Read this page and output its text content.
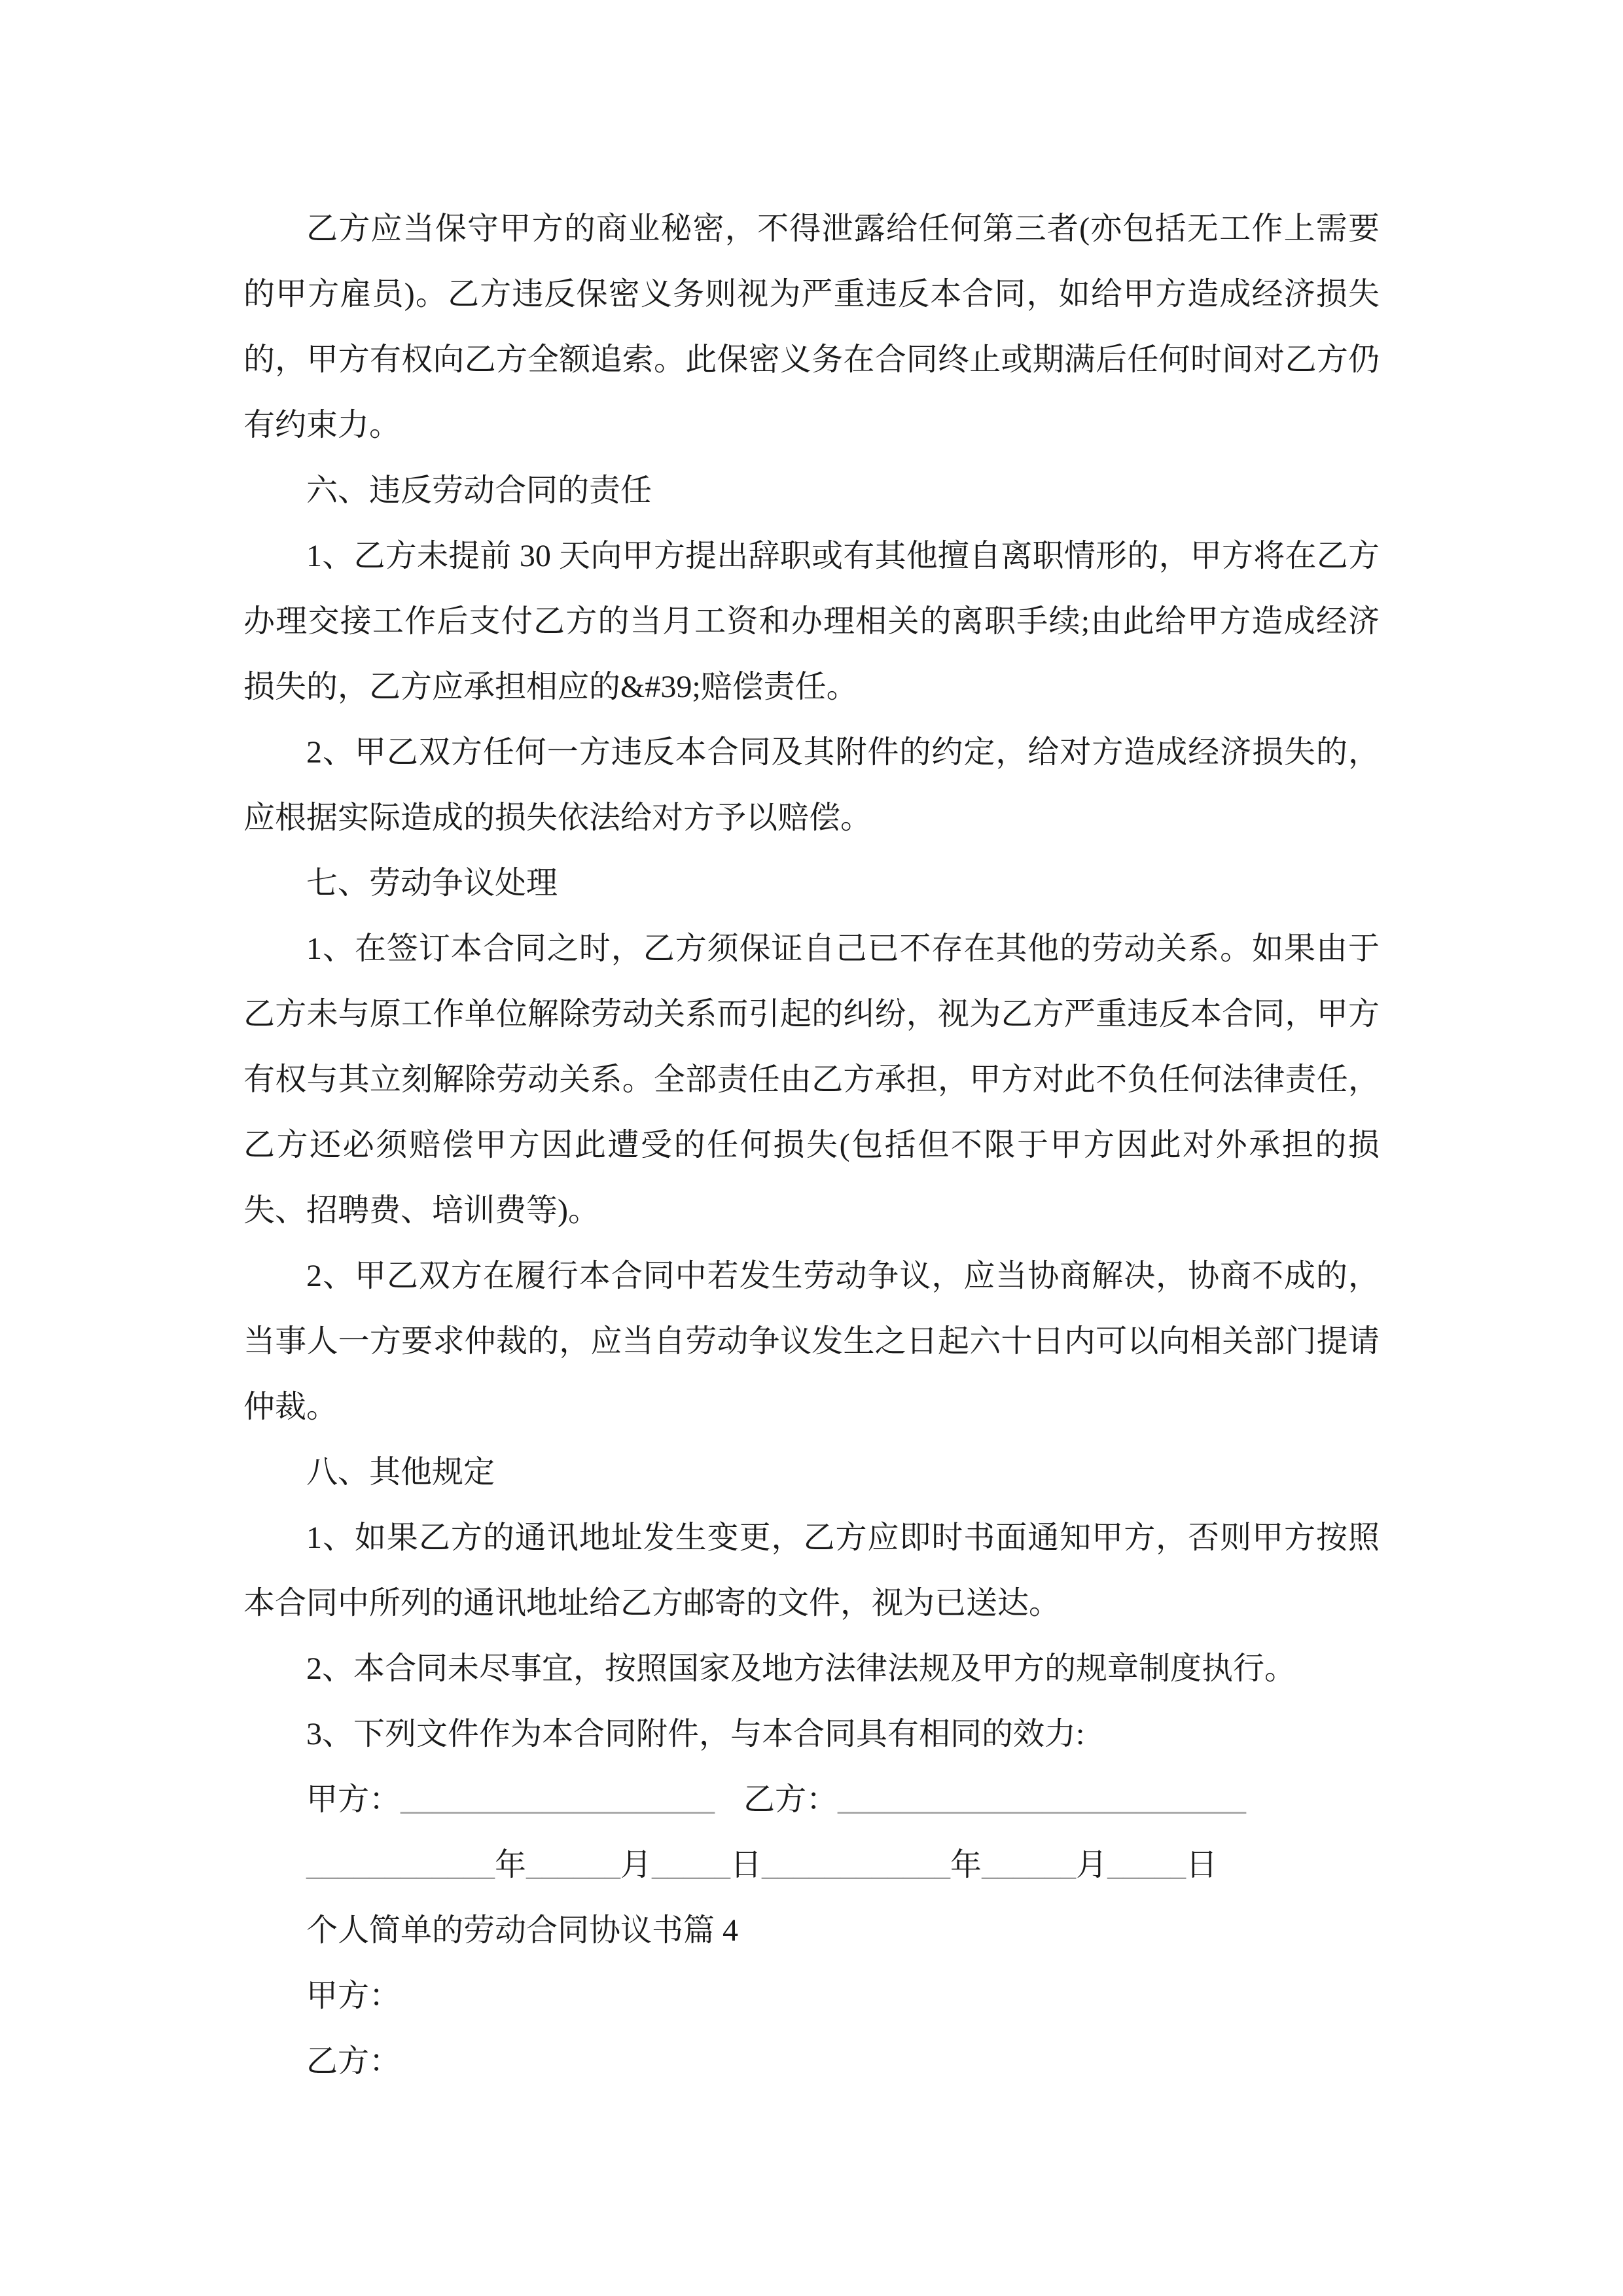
乙方应当保守甲方的商业秘密，不得泄露给任何第三者(亦包括无工作上需要的甲方雇员)。乙方违反保密义务则视为严重违反本合同，如给甲方造成经济损失的，甲方有权向乙方全额追索。此保密义务在合同终止或期满后任何时间对乙方仍有约束力。

六、违反劳动合同的责任

1、乙方未提前 30 天向甲方提出辞职或有其他擅自离职情形的，甲方将在乙方办理交接工作后支付乙方的当月工资和办理相关的离职手续;由此给甲方造成经济损失的，乙方应承担相应的&#39;赔偿责任。

2、甲乙双方任何一方违反本合同及其附件的约定，给对方造成经济损失的，应根据实际造成的损失依法给对方予以赔偿。

七、劳动争议处理

1、在签订本合同之时，乙方须保证自己已不存在其他的劳动关系。如果由于乙方未与原工作单位解除劳动关系而引起的纠纷，视为乙方严重违反本合同，甲方有权与其立刻解除劳动关系。全部责任由乙方承担，甲方对此不负任何法律责任，乙方还必须赔偿甲方因此遭受的任何损失(包括但不限于甲方因此对外承担的损失、招聘费、培训费等)。

2、甲乙双方在履行本合同中若发生劳动争议，应当协商解决，协商不成的，当事人一方要求仲裁的，应当自劳动争议发生之日起六十日内可以向相关部门提请仲裁。

八、其他规定

1、如果乙方的通讯地址发生变更，乙方应即时书面通知甲方，否则甲方按照本合同中所列的通讯地址给乙方邮寄的文件，视为已送达。

2、本合同未尽事宜，按照国家及地方法律法规及甲方的规章制度执行。

3、下列文件作为本合同附件，与本合同具有相同的效力:

甲方：____________________ 乙方：__________________________

____________年______月_____日____________年______月_____日

个人简单的劳动合同协议书篇 4

甲方：

乙方：
